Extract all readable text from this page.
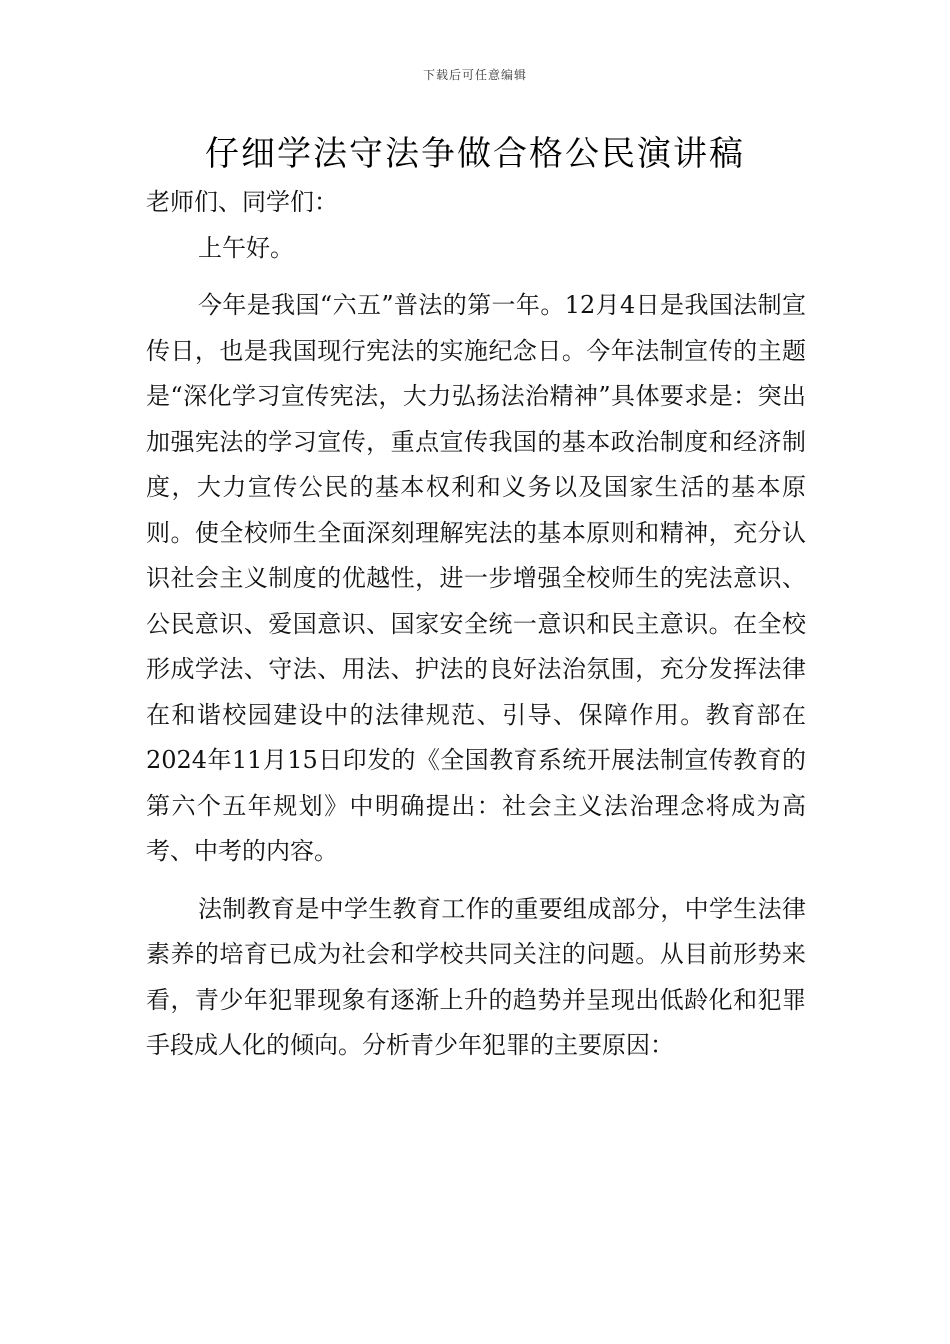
下载后可任意编辑
仔细学法守法争做合格公民演讲稿

老师们、同学们：

上午好。

今年是我国“六五”普法的第一年。12月4日是我国法制宣传日，也是我国现行宪法的实施纪念日。今年法制宣传的主题是“深化学习宣传宪法，大力弘扬法治精神”具体要求是：突出加强宪法的学习宣传，重点宣传我国的基本政治制度和经济制度，大力宣传公民的基本权利和义务以及国家生活的基本原则。使全校师生全面深刻理解宪法的基本原则和精神，充分认识社会主义制度的优越性，进一步增强全校师生的宪法意识、公民意识、爱国意识、国家安全统一意识和民主意识。在全校形成学法、守法、用法、护法的良好法治氛围，充分发挥法律在和谐校园建设中的法律规范、引导、保障作用。教育部在2024年11月15日印发的《全国教育系统开展法制宣传教育的第六个五年规划》中明确提出：社会主义法治理念将成为高考、中考的内容。

法制教育是中学生教育工作的重要组成部分，中学生法律素养的培育已成为社会和学校共同关注的问题。从目前形势来看，青少年犯罪现象有逐渐上升的趋势并呈现出低龄化和犯罪手段成人化的倾向。分析青少年犯罪的主要原因：
